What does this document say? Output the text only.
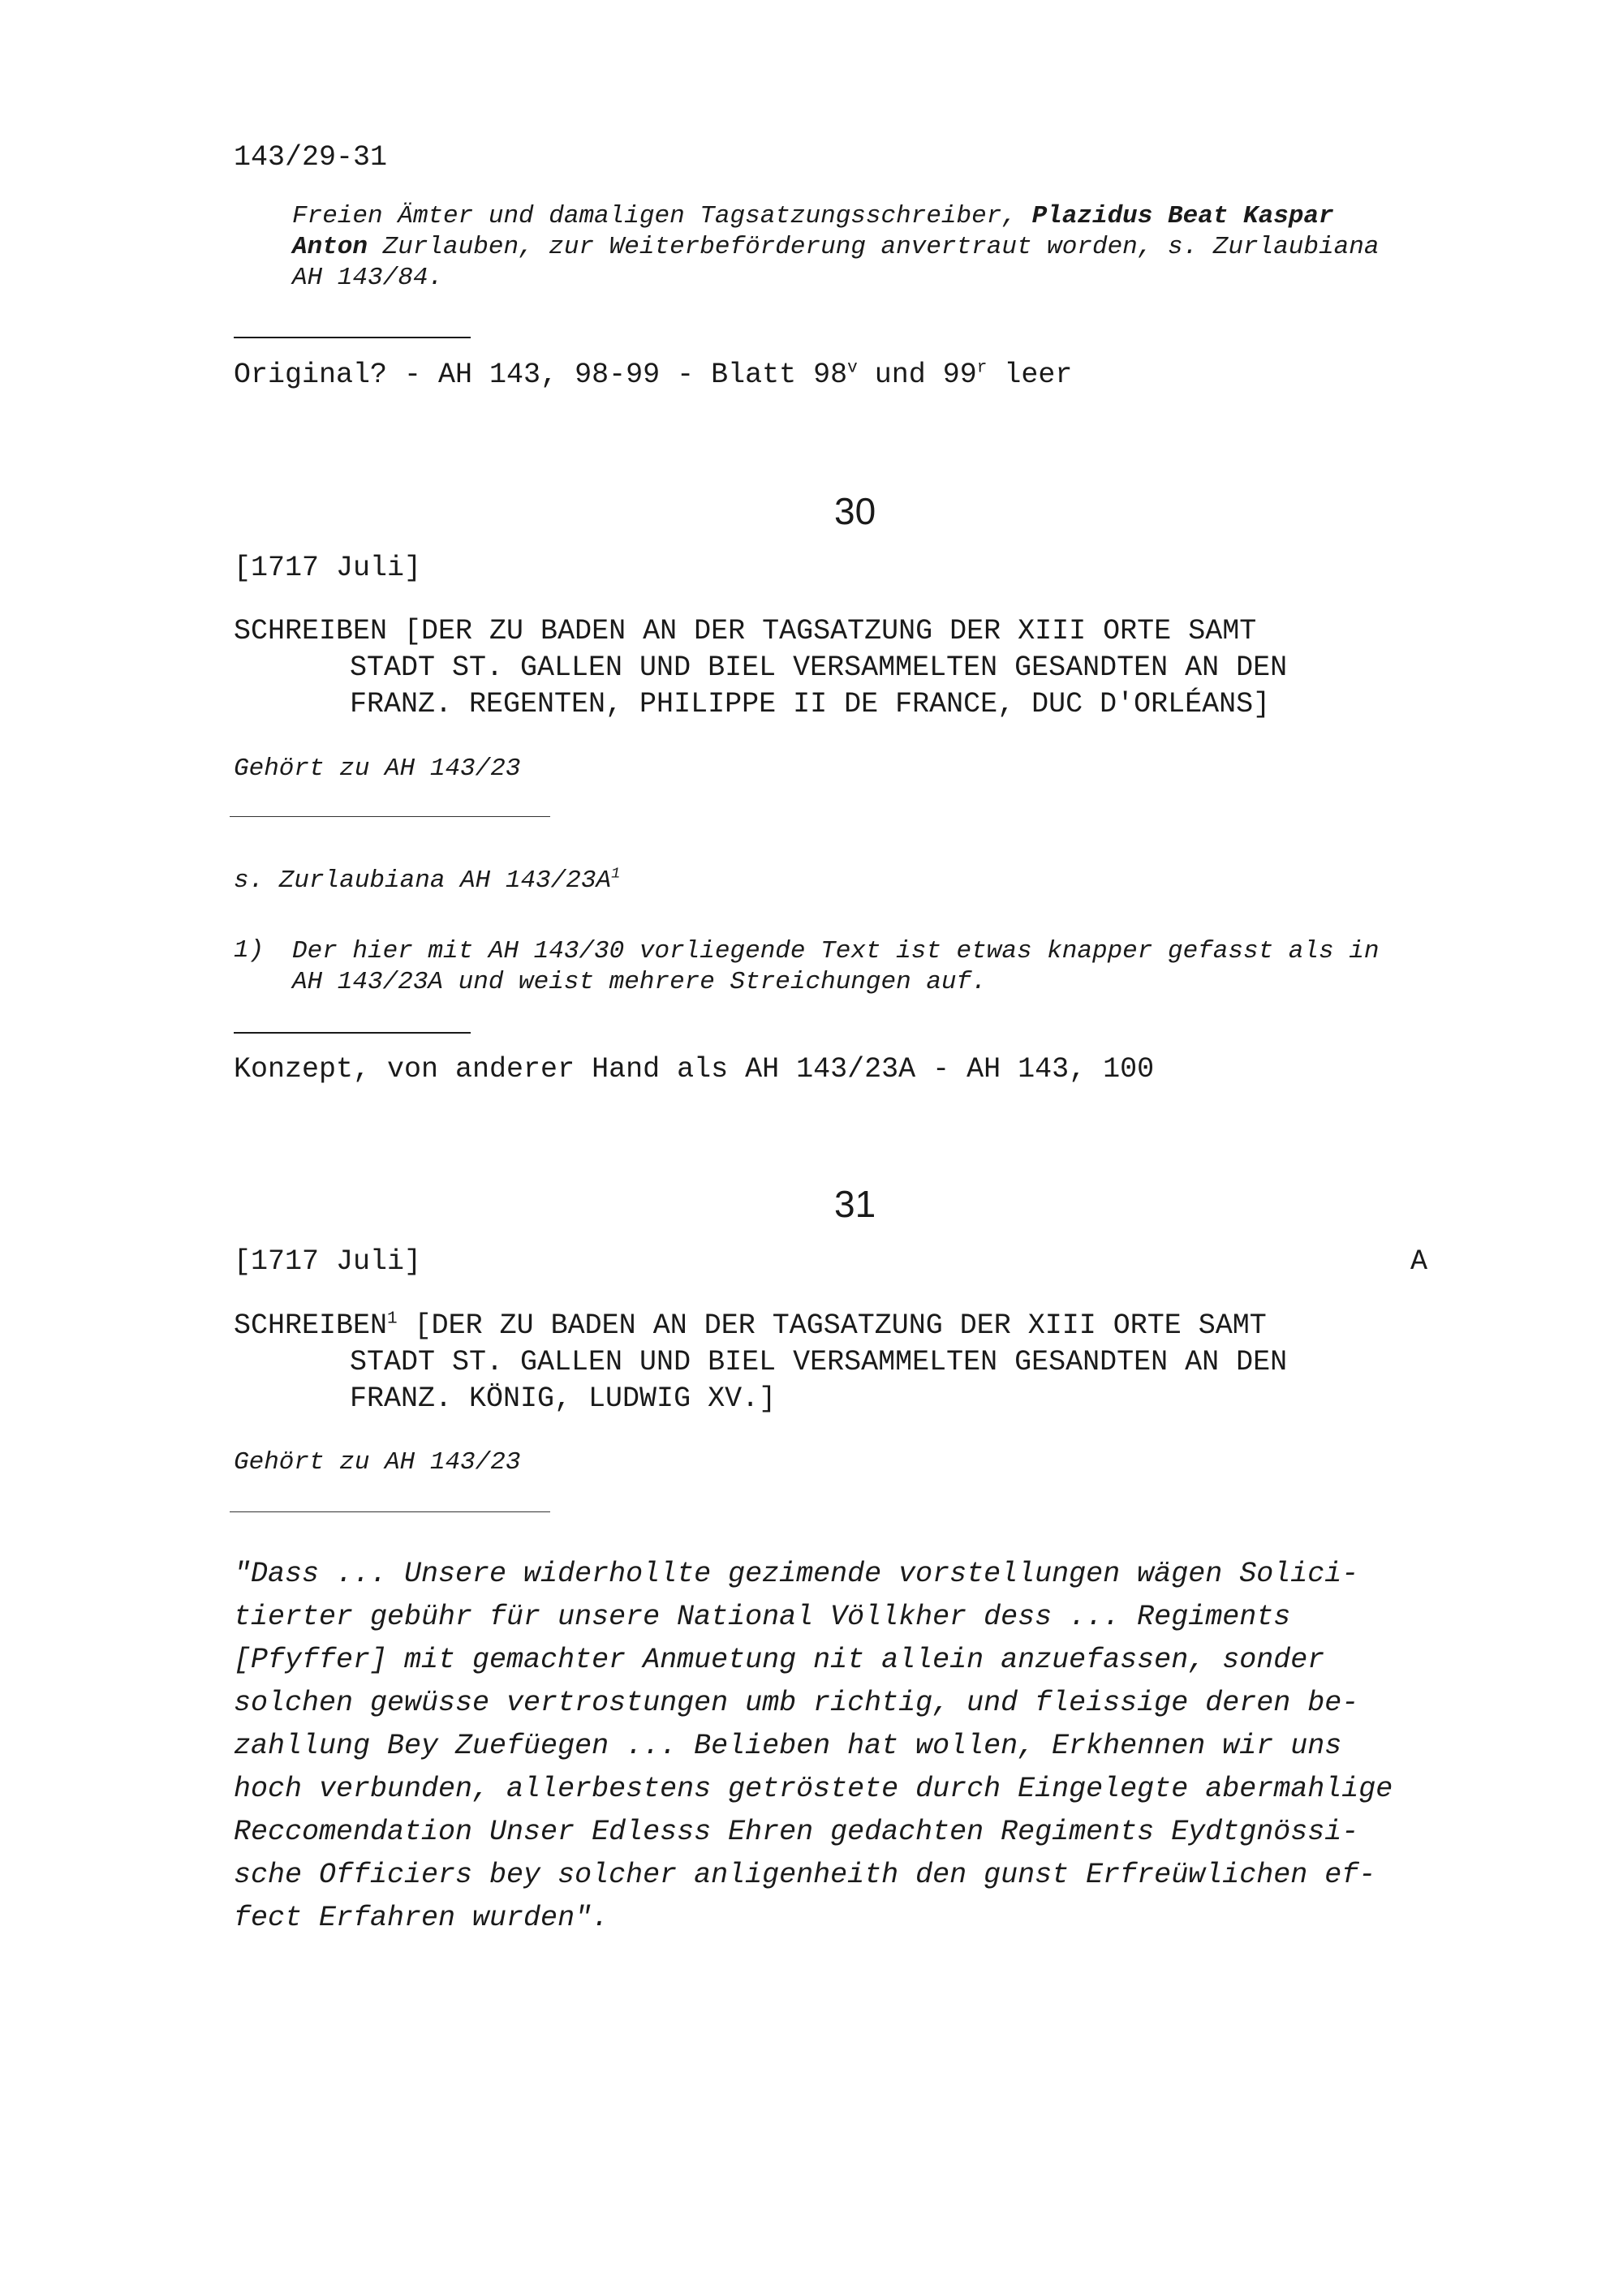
143/29-31
Freien Ämter und damaligen Tagsatzungsschreiber, Plazidus Beat Kaspar
Anton Zurlauben, zur Weiterbeförderung anvertraut worden, s. Zurlaubiana
AH 143/84.
Original? - AH 143, 98-99 - Blatt 98$^v$ und 99$^r$ leer
30
[1717 Juli]
SCHREIBEN [DER ZU BADEN AN DER TAGSATZUNG DER XIII ORTE SAMT
STADT ST. GALLEN UND BIEL VERSAMMELTEN GESANDTEN AN DEN
FRANZ. REGENTEN, PHILIPPE II DE FRANCE, DUC D'ORLÉANS]
Gehört zu AH 143/23
s. Zurlaubiana AH $143/23A^1$
1) Der hier mit AH 143/30 vorliegende Text ist etwas knapper gefasst als in
AH 143/23A und weist mehrere Streichungen auf.
Konzept, von anderer Hand als AH 143/23A - AH 143, 100
31
[1717 Juli]	A
SCHREIBEN$^1$ [DER ZU BADEN AN DER TAGSATZUNG DER XIII ORTE SAMT
STADT ST. GALLEN UND BIEL VERSAMMELTEN GESANDTEN AN DEN
FRANZ. KÖNIG, LUDWIG XV.]
Gehört zu AH 143/23
"Dass ... Unsere widerhollte gezimende vorstellungen wägen Solici-
tierter gebühr für unsere National Völlkher dess ... Regiments
[Pfyffer] mit gemachter Anmuetung nit allein anzuefassen, sonder
solchen gewüsse vertrostungen umb richtig, und fleissige deren be-
zahllung Bey Zuefüegen ... Belieben hat wollen, Erkhennen wir uns
hoch verbunden, allerbestens getröstete durch Eingelegte abermahlige
Reccomendation Unser Edlesss Ehren gedachten Regiments Eydtgnössi-
sche Officiers bey solcher anligenheith den gunst Erfreüwlichen ef-
fect Erfahren wurden".
